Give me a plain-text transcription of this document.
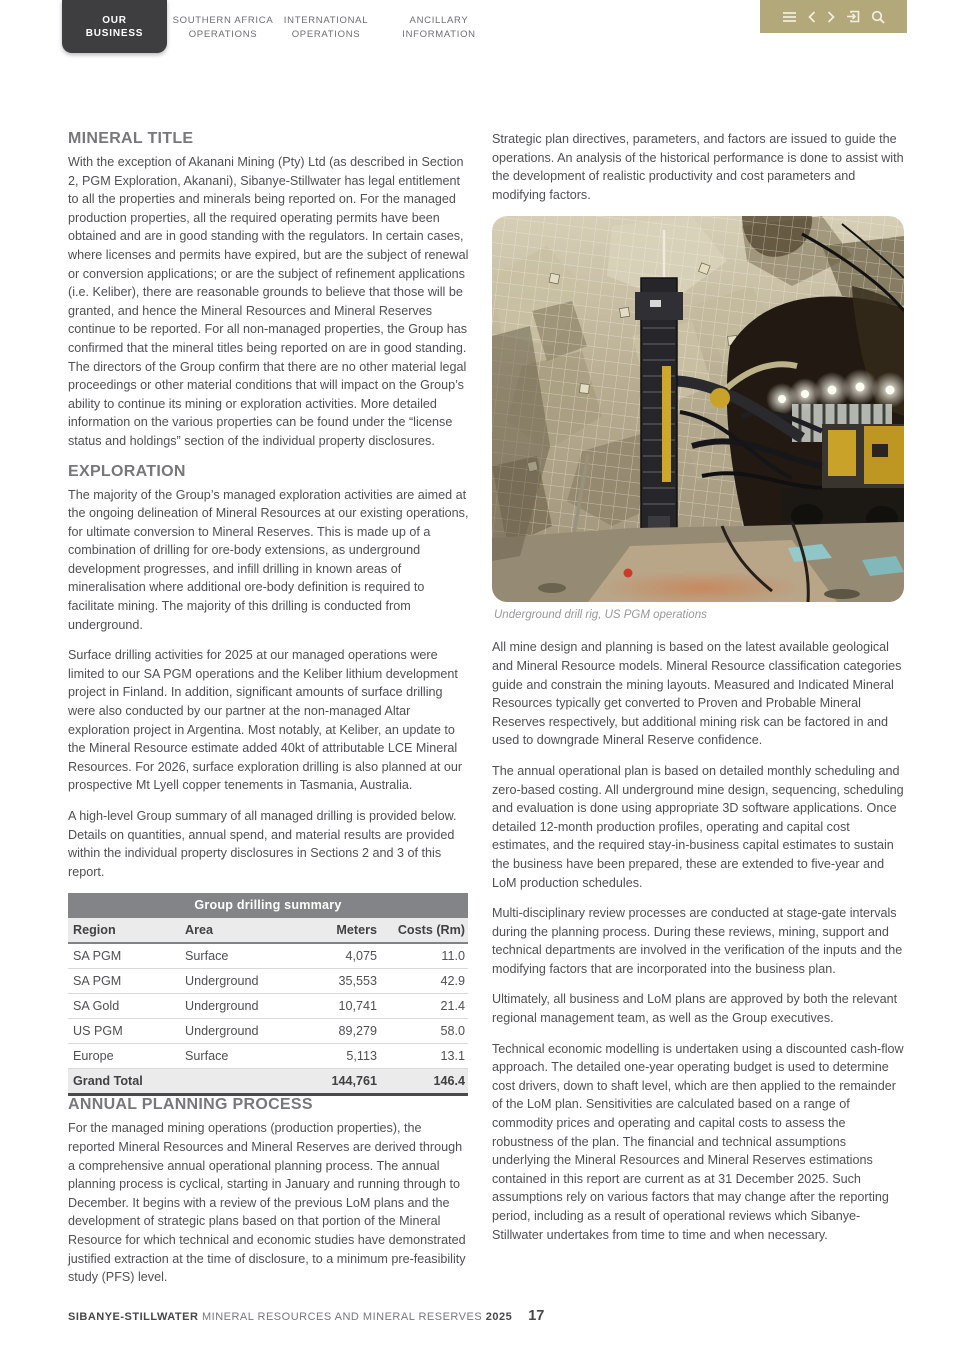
OUR
BUSINESS
SOUTHERN AFRICA
OPERATIONS
INTERNATIONAL
OPERATIONS
ANCILLARY
INFORMATION
MINERAL TITLE

With the exception of Akanani Mining (Pty) Ltd (as described in Section 2, PGM Exploration, Akanani), Sibanye-Stillwater has legal entitlement to all the properties and minerals being reported on. For the managed production properties, all the required operating permits have been obtained and are in good standing with the regulators. In certain cases, where licenses and permits have expired, but are the subject of renewal or conversion applications; or are the subject of refinement applications (i.e. Keliber), there are reasonable grounds to believe that those will be granted, and hence the Mineral Resources and Mineral Reserves continue to be reported. For all non-managed properties, the Group has confirmed that the mineral titles being reported on are in good standing. The directors of the Group confirm that there are no other material legal proceedings or other material conditions that will impact on the Group’s ability to continue its mining or exploration activities. More detailed information on the various properties can be found under the “license status and holdings” section of the individual property disclosures.

EXPLORATION

The majority of the Group’s managed exploration activities are aimed at the ongoing delineation of Mineral Resources at our existing operations, for ultimate conversion to Mineral Reserves. This is made up of a combination of drilling for ore-body extensions, as underground development progresses, and infill drilling in known areas of mineralisation where additional ore-body definition is required to facilitate mining. The majority of this drilling is conducted from underground.

Surface drilling activities for 2025 at our managed operations were limited to our SA PGM operations and the Keliber lithium development project in Finland. In addition, significant amounts of surface drilling were also conducted by our partner at the non-managed Altar exploration project in Argentina. Most notably, at Keliber, an update to the Mineral Resource estimate added 40kt of attributable LCE Mineral Resources. For 2026, surface exploration drilling is also planned at our prospective Mt Lyell copper tenements in Tasmania, Australia.

A high-level Group summary of all managed drilling is provided below. Details on quantities, annual spend, and material results are provided within the individual property disclosures in Sections 2 and 3 of this report.

Group drilling summary
Region	Area	Meters	Costs (Rm)
SA PGM	Surface	4,075	11.0
SA PGM	Underground	35,553	42.9
SA Gold	Underground	10,741	21.4
US PGM	Underground	89,279	58.0
Europe	Surface	5,113	13.1
Grand Total		144,761	146.4
ANNUAL PLANNING PROCESS

For the managed mining operations (production properties), the reported Mineral Resources and Mineral Reserves are derived through a comprehensive annual operational planning process. The annual planning process is cyclical, starting in January and running through to December. It begins with a review of the previous LoM plans and the development of strategic plans based on that portion of the Mineral Resource for which technical and economic studies have demonstrated justified extraction at the time of disclosure, to a minimum pre-feasibility study (PFS) level.

Strategic plan directives, parameters, and factors are issued to guide the operations. An analysis of the historical performance is done to assist with the development of realistic productivity and cost parameters and modifying factors.

Underground drill rig, US PGM operations

All mine design and planning is based on the latest available geological and Mineral Resource models. Mineral Resource classification categories guide and constrain the mining layouts. Measured and Indicated Mineral Resources typically get converted to Proven and Probable Mineral Reserves respectively, but additional mining risk can be factored in and used to downgrade Mineral Reserve confidence.

The annual operational plan is based on detailed monthly scheduling and zero-based costing. All underground mine design, sequencing, scheduling and evaluation is done using appropriate 3D software applications. Once detailed 12-month production profiles, operating and capital cost estimates, and the required stay-in-business capital estimates to sustain the business have been prepared, these are extended to five-year and LoM production schedules.

Multi-disciplinary review processes are conducted at stage-gate intervals during the planning process. During these reviews, mining, support and technical departments are involved in the verification of the inputs and the modifying factors that are incorporated into the business plan.

Ultimately, all business and LoM plans are approved by both the relevant regional management team, as well as the Group executives.

Technical economic modelling is undertaken using a discounted cash-flow approach. The detailed one-year operating budget is used to determine cost drivers, down to shaft level, which are then applied to the remainder of the LoM plan. Sensitivities are calculated based on a range of commodity prices and operating and capital costs to assess the robustness of the plan. The financial and technical assumptions underlying the Mineral Resources and Mineral Reserves estimations contained in this report are current as at 31 December 2025. Such assumptions rely on various factors that may change after the reporting period, including as a result of operational reviews which Sibanye-Stillwater undertakes from time to time and when necessary.

SIBANYE-STILLWATER MINERAL RESOURCES AND MINERAL RESERVES 2025 17
